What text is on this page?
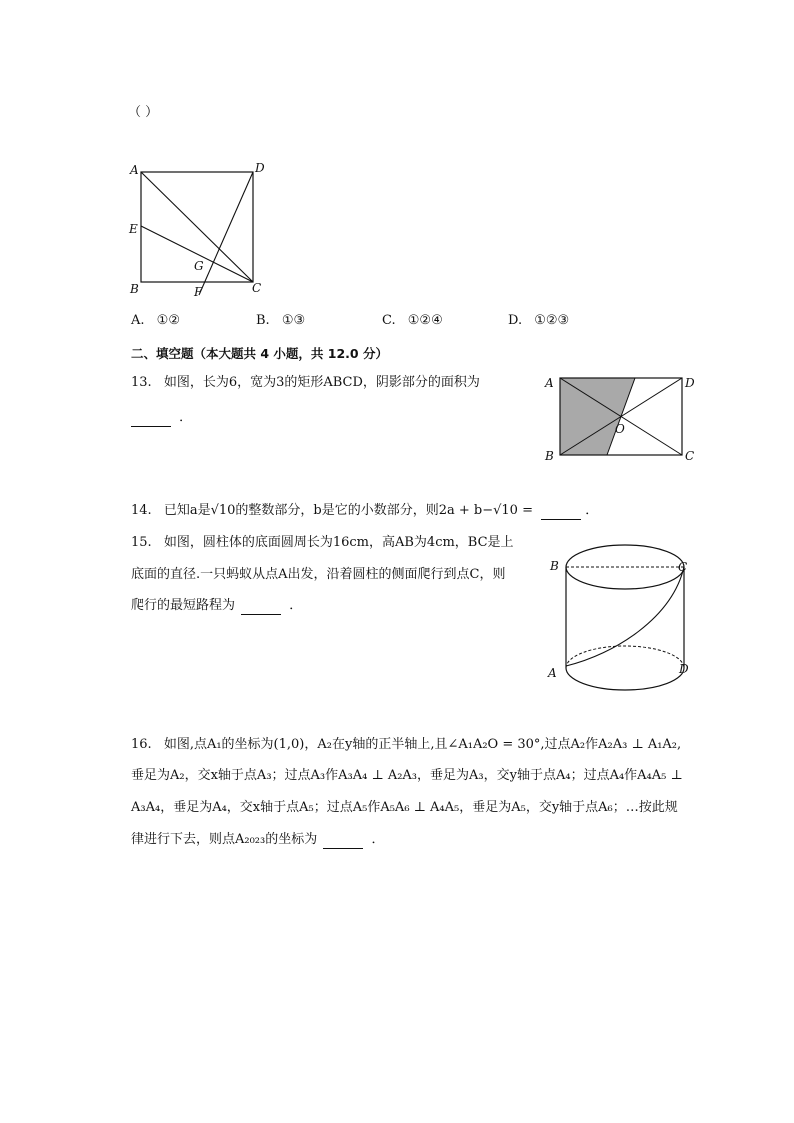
（ ）
A	D
E
G
B	C
F
A. ①②	B. ①③	C. ①②④	D. ①②③
二、填空题（本大题共 4 小题，共 12.0 分）
13. 如图，长为6，宽为3的矩形ABCD，阴影部分的面积为
．
A	D
B	C
O
14. 已知a是√10的整数部分，b是它的小数部分，则2a + b−√10 =	．
15. 如图，圆柱体的底面圆周长为16cm，高AB为4cm，BC是上
底面的直径.一只蚂蚁从点A出发，沿着圆柱的侧面爬行到点C，则
爬行的最短路程为	．
B	C
A	D
16. 如图,点A₁的坐标为(1,0)，A₂在y轴的正半轴上,且∠A₁A₂O = 30°,过点A₂作A₂A₃ ⊥ A₁A₂,
垂足为A₂，交x轴于点A₃；过点A₃作A₃A₄ ⊥ A₂A₃，垂足为A₃，交y轴于点A₄；过点A₄作A₄A₅ ⊥
A₃A₄，垂足为A₄，交x轴于点A₅；过点A₅作A₅A₆ ⊥ A₄A₅，垂足为A₅，交y轴于点A₆；…按此规
律进行下去，则点A₂₀₂₃的坐标为	．
